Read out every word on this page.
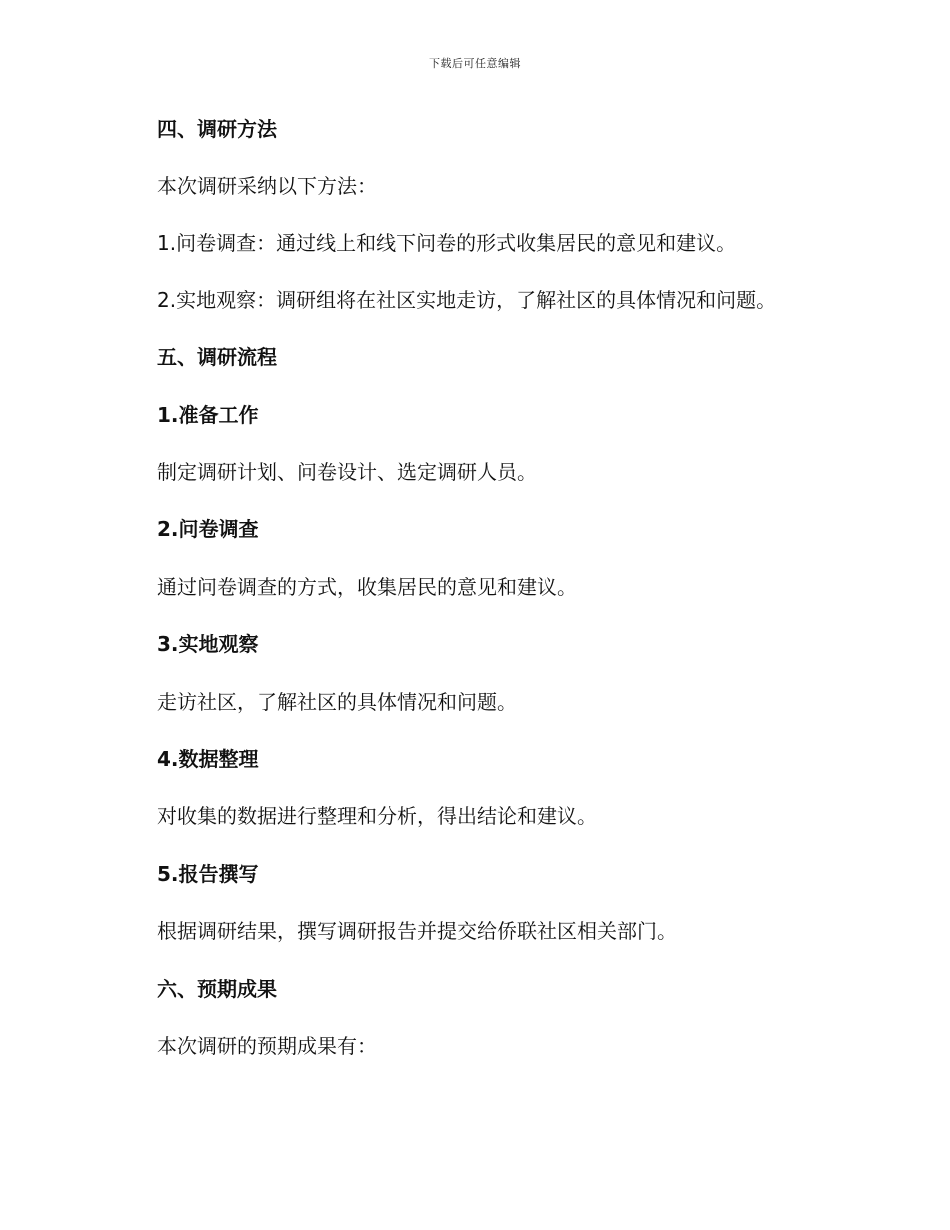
下载后可任意编辑
四、调研方法
本次调研采纳以下方法：
1.问卷调查：通过线上和线下问卷的形式收集居民的意见和建议。
2.实地观察：调研组将在社区实地走访，了解社区的具体情况和问题。
五、调研流程
1.准备工作
制定调研计划、问卷设计、选定调研人员。
2.问卷调查
通过问卷调查的方式，收集居民的意见和建议。
3.实地观察
走访社区，了解社区的具体情况和问题。
4.数据整理
对收集的数据进行整理和分析，得出结论和建议。
5.报告撰写
根据调研结果，撰写调研报告并提交给侨联社区相关部门。
六、预期成果
本次调研的预期成果有：
